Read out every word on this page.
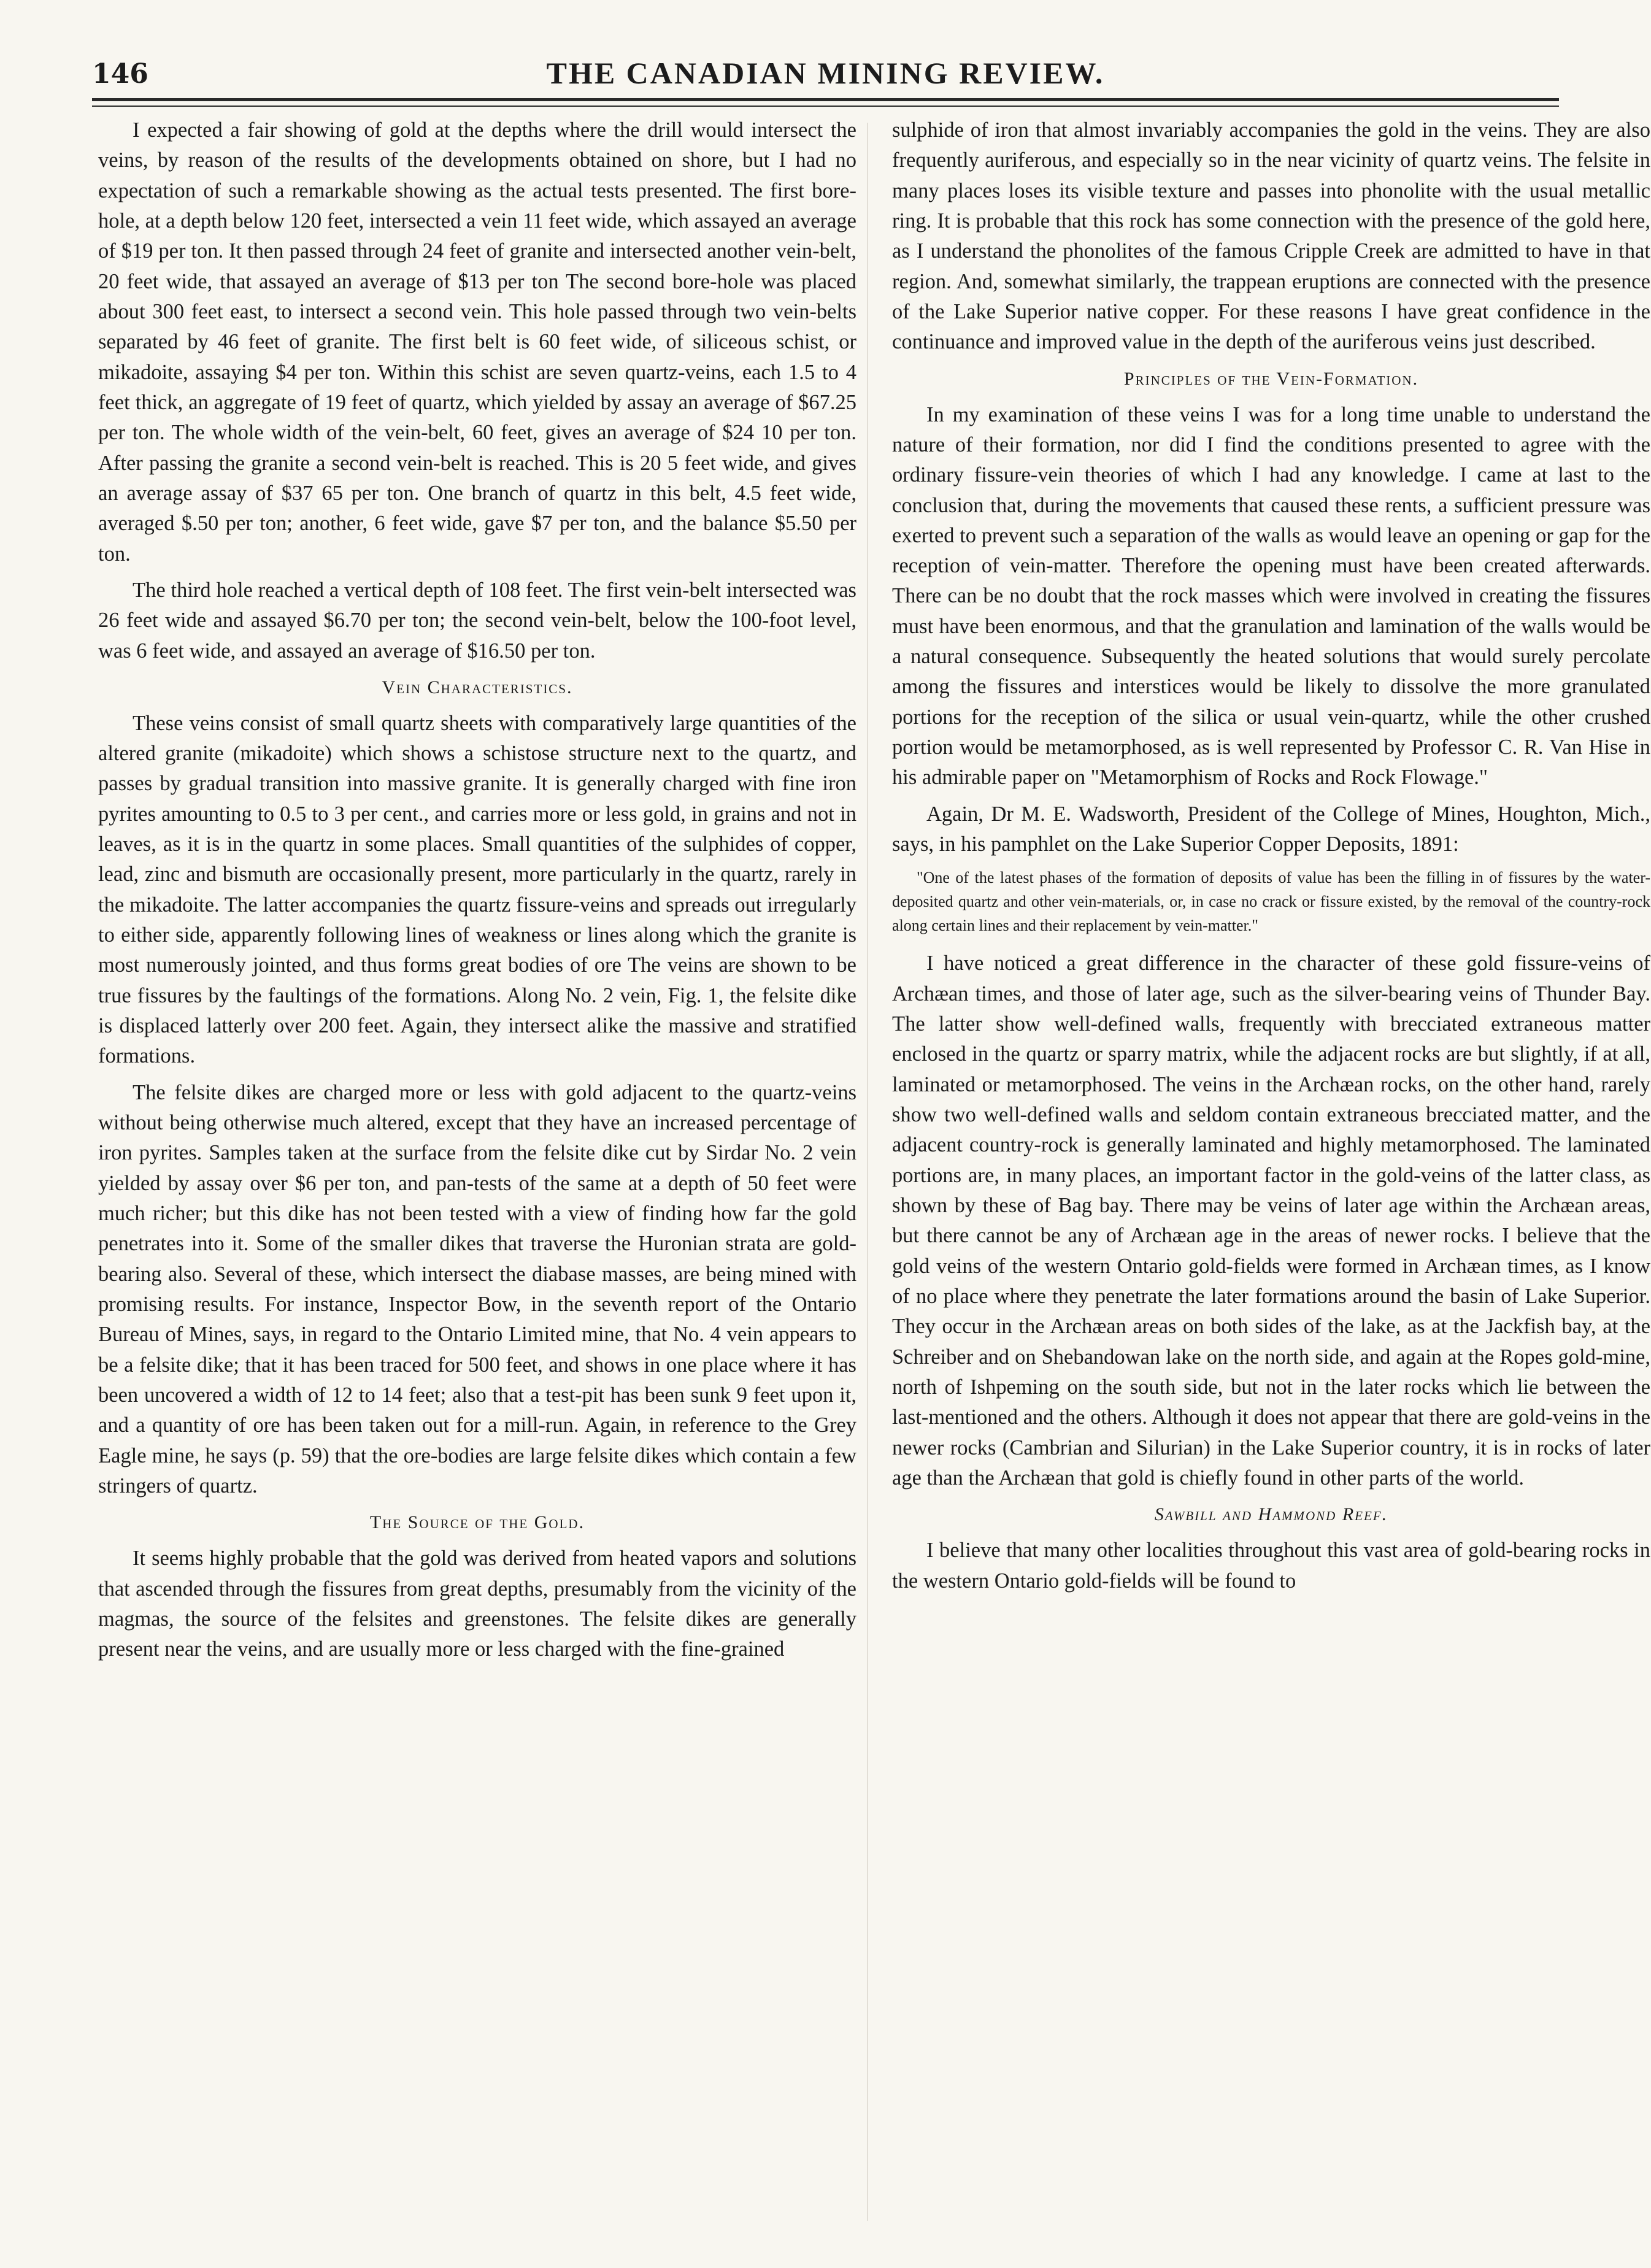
146	THE CANADIAN MINING REVIEW.

I expected a fair showing of gold at the depths where the drill would intersect the veins, by reason of the results of the developments obtained on shore, but I had no expectation of such a remarkable showing as the actual tests presented. The first bore-hole, at a depth below 120 feet, intersected a vein 11 feet wide, which assayed an average of $19 per ton. It then passed through 24 feet of granite and intersected another vein-belt, 20 feet wide, that assayed an average of $13 per ton The second bore-hole was placed about 300 feet east, to intersect a second vein. This hole passed through two vein-belts separated by 46 feet of granite. The first belt is 60 feet wide, of siliceous schist, or mikadoite, assaying $4 per ton. Within this schist are seven quartz-veins, each 1.5 to 4 feet thick, an aggregate of 19 feet of quartz, which yielded by assay an average of $67.25 per ton. The whole width of the vein-belt, 60 feet, gives an average of $24 10 per ton. After passing the granite a second vein-belt is reached. This is 20 5 feet wide, and gives an average assay of $37 65 per ton. One branch of quartz in this belt, 4.5 feet wide, averaged $.50 per ton; another, 6 feet wide, gave $7 per ton, and the balance $5.50 per ton.

The third hole reached a vertical depth of 108 feet. The first vein-belt intersected was 26 feet wide and assayed $6.70 per ton; the second vein-belt, below the 100-foot level, was 6 feet wide, and assayed an average of $16.50 per ton.

Vein Characteristics.

These veins consist of small quartz sheets with comparatively large quantities of the altered granite (mikadoite) which shows a schistose structure next to the quartz, and passes by gradual transition into massive granite. It is generally charged with fine iron pyrites amounting to 0.5 to 3 per cent., and carries more or less gold, in grains and not in leaves, as it is in the quartz in some places. Small quantities of the sulphides of copper, lead, zinc and bismuth are occasionally present, more particularly in the quartz, rarely in the mikadoite. The latter accompanies the quartz fissure-veins and spreads out irregularly to either side, apparently following lines of weakness or lines along which the granite is most numerously jointed, and thus forms great bodies of ore The veins are shown to be true fissures by the faultings of the formations. Along No. 2 vein, Fig. 1, the felsite dike is displaced latterly over 200 feet. Again, they intersect alike the massive and stratified formations.

The felsite dikes are charged more or less with gold adjacent to the quartz-veins without being otherwise much altered, except that they have an increased percentage of iron pyrites. Samples taken at the surface from the felsite dike cut by Sirdar No. 2 vein yielded by assay over $6 per ton, and pan-tests of the same at a depth of 50 feet were much richer; but this dike has not been tested with a view of finding how far the gold penetrates into it. Some of the smaller dikes that traverse the Huronian strata are gold-bearing also. Several of these, which intersect the diabase masses, are being mined with promising results. For instance, Inspector Bow, in the seventh report of the Ontario Bureau of Mines, says, in regard to the Ontario Limited mine, that No. 4 vein appears to be a felsite dike; that it has been traced for 500 feet, and shows in one place where it has been uncovered a width of 12 to 14 feet; also that a test-pit has been sunk 9 feet upon it, and a quantity of ore has been taken out for a mill-run. Again, in reference to the Grey Eagle mine, he says (p. 59) that the ore-bodies are large felsite dikes which contain a few stringers of quartz.

The Source of the Gold.

It seems highly probable that the gold was derived from heated vapors and solutions that ascended through the fissures from great depths, presumably from the vicinity of the magmas, the source of the felsites and greenstones. The felsite dikes are generally present near the veins, and are usually more or less charged with the fine-grained

sulphide of iron that almost invariably accompanies the gold in the veins. They are also frequently auriferous, and especially so in the near vicinity of quartz veins. The felsite in many places loses its visible texture and passes into phonolite with the usual metallic ring. It is probable that this rock has some connection with the presence of the gold here, as I understand the phonolites of the famous Cripple Creek are admitted to have in that region. And, somewhat similarly, the trappean eruptions are connected with the presence of the Lake Superior native copper. For these reasons I have great confidence in the continuance and improved value in the depth of the auriferous veins just described.

Principles of the Vein-Formation.

In my examination of these veins I was for a long time unable to understand the nature of their formation, nor did I find the conditions presented to agree with the ordinary fissure-vein theories of which I had any knowledge. I came at last to the conclusion that, during the movements that caused these rents, a sufficient pressure was exerted to prevent such a separation of the walls as would leave an opening or gap for the reception of vein-matter. Therefore the opening must have been created afterwards. There can be no doubt that the rock masses which were involved in creating the fissures must have been enormous, and that the granulation and lamination of the walls would be a natural consequence. Subsequently the heated solutions that would surely percolate among the fissures and interstices would be likely to dissolve the more granulated portions for the reception of the silica or usual vein-quartz, while the other crushed portion would be metamorphosed, as is well represented by Professor C. R. Van Hise in his admirable paper on "Metamorphism of Rocks and Rock Flowage."

Again, Dr M. E. Wadsworth, President of the College of Mines, Houghton, Mich., says, in his pamphlet on the Lake Superior Copper Deposits, 1891:

"One of the latest phases of the formation of deposits of value has been the filling in of fissures by the water-deposited quartz and other vein-materials, or, in case no crack or fissure existed, by the removal of the country-rock along certain lines and their replacement by vein-matter."

I have noticed a great difference in the character of these gold fissure-veins of Archæan times, and those of later age, such as the silver-bearing veins of Thunder Bay. The latter show well-defined walls, frequently with brecciated extraneous matter enclosed in the quartz or sparry matrix, while the adjacent rocks are but slightly, if at all, laminated or metamorphosed. The veins in the Archæan rocks, on the other hand, rarely show two well-defined walls and seldom contain extraneous brecciated matter, and the adjacent country-rock is generally laminated and highly metamorphosed. The laminated portions are, in many places, an important factor in the gold-veins of the latter class, as shown by these of Bag bay. There may be veins of later age within the Archæan areas, but there cannot be any of Archæan age in the areas of newer rocks. I believe that the gold veins of the western Ontario gold-fields were formed in Archæan times, as I know of no place where they penetrate the later formations around the basin of Lake Superior. They occur in the Archæan areas on both sides of the lake, as at the Jackfish bay, at the Schreiber and on Shebandowan lake on the north side, and again at the Ropes gold-mine, north of Ishpeming on the south side, but not in the later rocks which lie between the last-mentioned and the others. Although it does not appear that there are gold-veins in the newer rocks (Cambrian and Silurian) in the Lake Superior country, it is in rocks of later age than the Archæan that gold is chiefly found in other parts of the world.

Sawbill and Hammond Reef.

I believe that many other localities throughout this vast area of gold-bearing rocks in the western Ontario gold-fields will be found to
